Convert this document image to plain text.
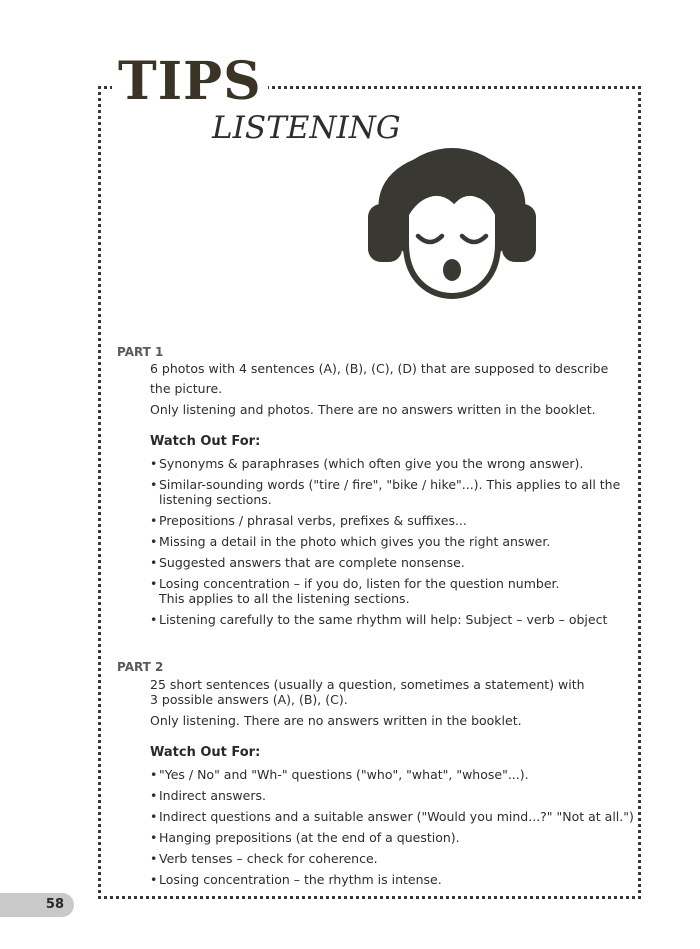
TIPS
LISTENING
PART 1
6 photos with 4 sentences (A), (B), (C), (D) that are supposed to describe
the picture.
Only listening and photos. There are no answers written in the booklet.
Watch Out For:
• Synonyms & paraphrases (which often give you the wrong answer).
• Similar-sounding words ("tire / fire", "bike / hike"...). This applies to all the
listening sections.
• Prepositions / phrasal verbs, prefixes & suffixes...
• Missing a detail in the photo which gives you the right answer.
• Suggested answers that are complete nonsense.
• Losing concentration – if you do, listen for the question number.
This applies to all the listening sections.
• Listening carefully to the same rhythm will help: Subject – verb – object
PART 2
25 short sentences (usually a question, sometimes a statement) with
3 possible answers (A), (B), (C).
Only listening. There are no answers written in the booklet.
Watch Out For:
• "Yes / No" and "Wh-" questions ("who", "what", "whose"...).
• Indirect answers.
• Indirect questions and a suitable answer ("Would you mind...?" "Not at all.")
• Hanging prepositions (at the end of a question).
• Verb tenses – check for coherence.
• Losing concentration – the rhythm is intense.
58
